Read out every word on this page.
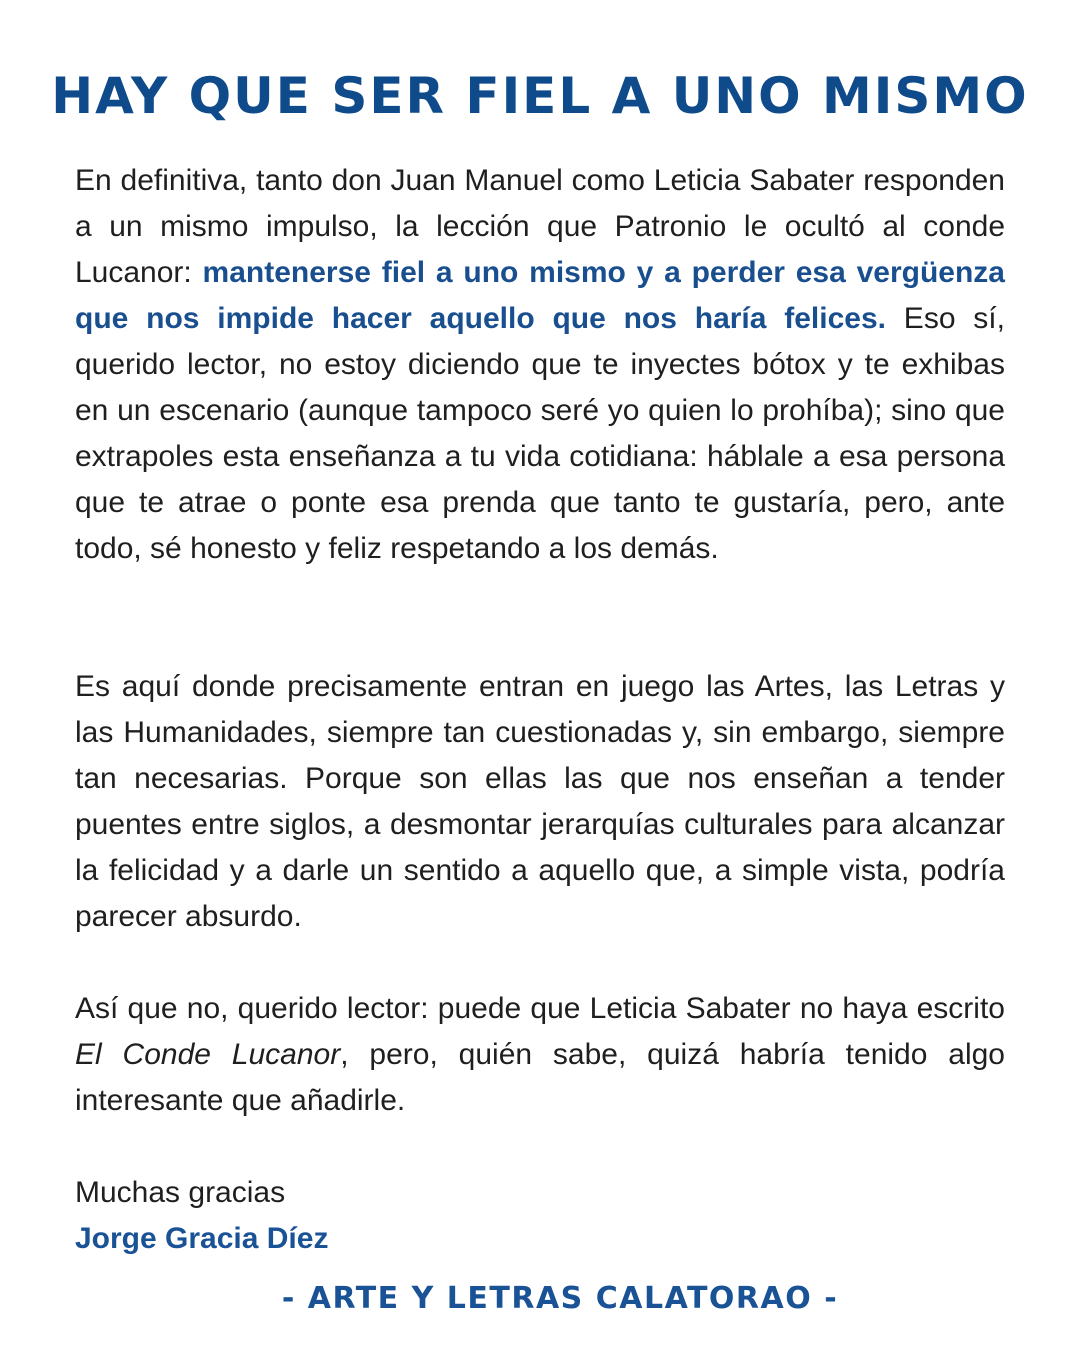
HAY QUE SER FIEL A UNO MISMO

En definitiva, tanto don Juan Manuel como Leticia Sabater responden a un mismo impulso, la lección que Patronio le ocultó al conde Lucanor: mantenerse fiel a uno mismo y a perder esa vergüenza que nos impide hacer aquello que nos haría felices. Eso sí, querido lector, no estoy diciendo que te inyectes bótox y te exhibas en un escenario (aunque tampoco seré yo quien lo prohíba); sino que extrapoles esta enseñanza a tu vida cotidiana: háblale a esa persona que te atrae o ponte esa prenda que tanto te gustaría, pero, ante todo, sé honesto y feliz respetando a los demás.

Es aquí donde precisamente entran en juego las Artes, las Letras y las Humanidades, siempre tan cuestionadas y, sin embargo, siempre tan necesarias. Porque son ellas las que nos enseñan a tender puentes entre siglos, a desmontar jerarquías culturales para alcanzar la felicidad y a darle un sentido a aquello que, a simple vista, podría parecer absurdo.

Así que no, querido lector: puede que Leticia Sabater no haya escrito El Conde Lucanor, pero, quién sabe, quizá habría tenido algo interesante que añadirle.

Muchas gracias

Jorge Gracia Díez

- ARTE Y LETRAS CALATORAO -
